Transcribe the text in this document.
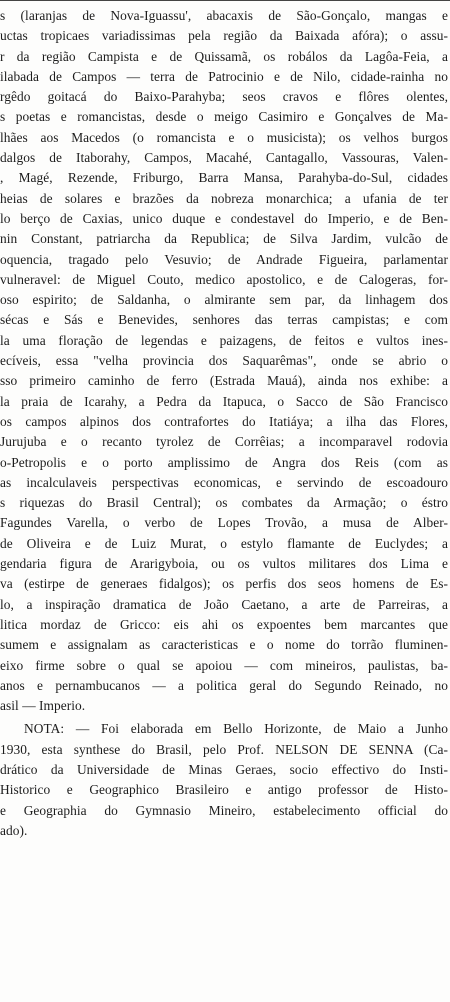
s (laranjas de Nova-Iguassu', abacaxis de São-Gonçalo, mangas e
uctas tropicaes variadissimas pela região da Baixada afóra); o assu-
r da região Campista e de Quissamã, os robálos da Lagôa-Feia, a
ilabada de Campos — terra de Patrocinio e de Nilo, cidade-rainha no
rgêdo goitacá do Baixo-Parahyba; seos cravos e flôres olentes,
s poetas e romancistas, desde o meigo Casimiro e Gonçalves de Ma-
lhães aos Macedos (o romancista e o musicista); os velhos burgos
dalgos de Itaborahy, Campos, Macahé, Cantagallo, Vassouras, Valen-
, Magé, Rezende, Friburgo, Barra Mansa, Parahyba-do-Sul, cidades
heias de solares e brazões da nobreza monarchica; a ufania de ter
lo berço de Caxias, unico duque e condestavel do Imperio, e de Ben-
nin Constant, patriarcha da Republica; de Silva Jardim, vulcão de
oquencia, tragado pelo Vesuvio; de Andrade Figueira, parlamentar
vulneravel: de Miguel Couto, medico apostolico, e de Calogeras, for-
oso espirito; de Saldanha, o almirante sem par, da linhagem dos
sécas e Sás e Benevides, senhores das terras campistas; e com
la uma floração de legendas e paizagens, de feitos e vultos ines-
ecíveis, essa "velha provincia dos Saquarêmas", onde se abrio o
sso primeiro caminho de ferro (Estrada Mauá), ainda nos exhibe: a
la praia de Icarahy, a Pedra da Itapuca, o Sacco de São Francisco
os campos alpinos dos contrafortes do Itatiáya; a ilha das Flores,
Jurujuba e o recanto tyrolez de Corrêias; a incomparavel rodovia
o-Petropolis e o porto amplissimo de Angra dos Reis (com as
as incalculaveis perspectivas economicas, e servindo de escoadouro
s riquezas do Brasil Central); os combates da Armação; o éstro
Fagundes Varella, o verbo de Lopes Trovão, a musa de Alber-
de Oliveira e de Luiz Murat, o estylo flamante de Euclydes; a
gendaria figura de Ararigyboia, ou os vultos militares dos Lima e
va (estirpe de generaes fidalgos); os perfis dos seos homens de Es-
lo, a inspiração dramatica de João Caetano, a arte de Parreiras, a
litica mordaz de Gricco: eis ahi os expoentes bem marcantes que
sumem e assignalam as caracteristicas e o nome do torrão fluminen-
eixo firme sobre o qual se apoiou — com mineiros, paulistas, ba-
anos e pernambucanos — a politica geral do Segundo Reinado, no
asil — Imperio.
NOTA: — Foi elaborada em Bello Horizonte, de Maio a Junho
1930, esta synthese do Brasil, pelo Prof. NELSON DE SENNA (Ca-
drático da Universidade de Minas Geraes, socio effectivo do Insti-
Historico e Geographico Brasileiro e antigo professor de Histo-
e Geographia do Gymnasio Mineiro, estabelecimento official do
ado).
